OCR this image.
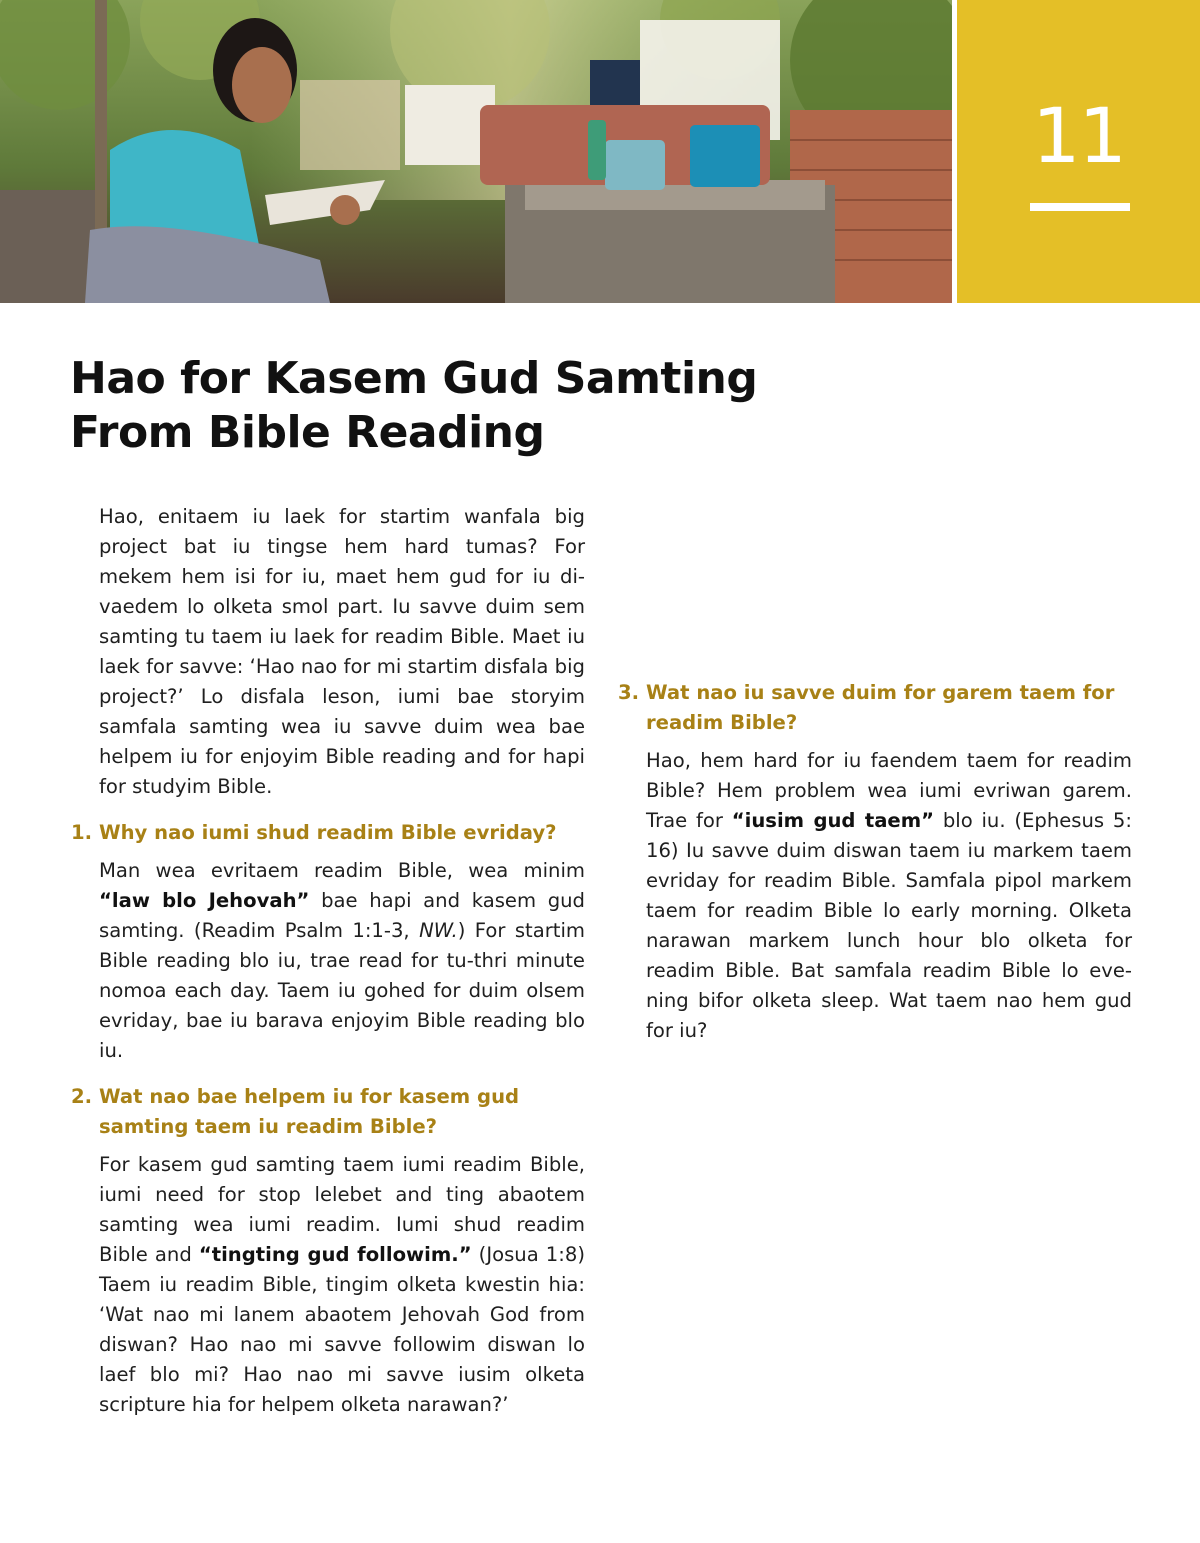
11
Hao for Kasem Gud Samting
From Bible Reading

Hao, enitaem iu laek for startim wanfala big project bat iu tingse hem hard tumas? For mekem hem isi for iu, maet hem gud for iu divaedem lo olketa smol part. Iu savve duim sem samting tu taem iu laek for readim Bible. Maet iu laek for savve: ‘Hao nao for mi startim disfala big project?’ Lo disfala leson, iumi bae storyim samfala samting wea iu savve duim wea bae helpem iu for enjoyim Bible reading and for hapi for studyim Bible.

1. Why nao iumi shud readim Bible evriday?

Man wea evritaem readim Bible, wea minim “law blo Jehovah” bae hapi and kasem gud samting. (Readim Psalm 1:1-3, NW.) For startim Bible reading blo iu, trae read for tu-thri minute nomoa each day. Taem iu gohed for duim olsem evriday, bae iu barava enjoyim Bible reading blo iu.

2. Wat nao bae helpem iu for kasem gud samting taem iu readim Bible?

For kasem gud samting taem iumi readim Bible, iumi need for stop lelebet and ting abaotem samting wea iumi readim. Iumi shud readim Bible and “tingting gud followim.” (Josua 1:8) Taem iu readim Bible, tingim olketa kwestin hia: ‘Wat nao mi lanem abaotem Jehovah God from diswan? Hao nao mi savve followim diswan lo laef blo mi? Hao nao mi savve iusim olketa scripture hia for helpem olketa narawan?’

3. Wat nao iu savve duim for garem taem for readim Bible?

Hao, hem hard for iu faendem taem for readim Bible? Hem problem wea iumi evriwan garem. Trae for “iusim gud taem” blo iu. (Ephesus 5: 16) Iu savve duim diswan taem iu markem taem evriday for readim Bible. Samfala pipol markem taem for readim Bible lo early morning. Olketa narawan markem lunch hour blo olketa for readim Bible. Bat samfala readim Bible lo evening bifor olketa sleep. Wat taem nao hem gud for iu?
